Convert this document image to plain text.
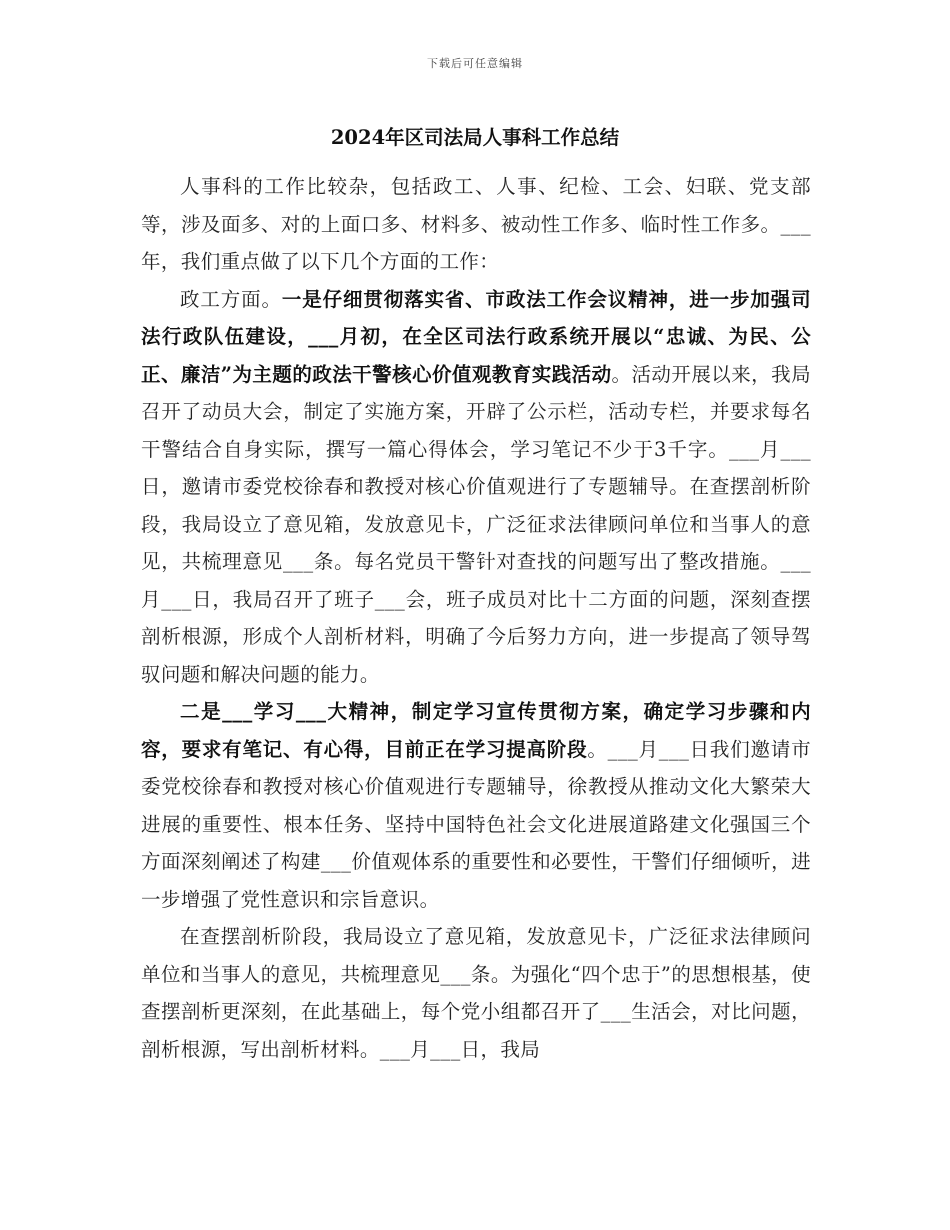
下载后可任意编辑
2024年区司法局人事科工作总结

人事科的工作比较杂，包括政工、人事、纪检、工会、妇联、党支部等，涉及面多、对的上面口多、材料多、被动性工作多、临时性工作多。___年，我们重点做了以下几个方面的工作：

政工方面。一是仔细贯彻落实省、市政法工作会议精神，进一步加强司法行政队伍建设，___月初，在全区司法行政系统开展以“忠诚、为民、公正、廉洁”为主题的政法干警核心价值观教育实践活动。活动开展以来，我局召开了动员大会，制定了实施方案，开辟了公示栏，活动专栏，并要求每名干警结合自身实际，撰写一篇心得体会，学习笔记不少于3千字。___月___日，邀请市委党校徐春和教授对核心价值观进行了专题辅导。在查摆剖析阶段，我局设立了意见箱，发放意见卡，广泛征求法律顾问单位和当事人的意见，共梳理意见___条。每名党员干警针对查找的问题写出了整改措施。___月___日，我局召开了班子___会，班子成员对比十二方面的问题，深刻查摆剖析根源，形成个人剖析材料，明确了今后努力方向，进一步提高了领导驾驭问题和解决问题的能力。

二是___学习___大精神，制定学习宣传贯彻方案，确定学习步骤和内容，要求有笔记、有心得，目前正在学习提高阶段。___月___日我们邀请市委党校徐春和教授对核心价值观进行专题辅导，徐教授从推动文化大繁荣大进展的重要性、根本任务、坚持中国特色社会文化进展道路建文化强国三个方面深刻阐述了构建___价值观体系的重要性和必要性，干警们仔细倾听，进一步增强了党性意识和宗旨意识。

在查摆剖析阶段，我局设立了意见箱，发放意见卡，广泛征求法律顾问单位和当事人的意见，共梳理意见___条。为强化“四个忠于”的思想根基，使查摆剖析更深刻，在此基础上，每个党小组都召开了___生活会，对比问题，剖析根源，写出剖析材料。___月___日，我局
